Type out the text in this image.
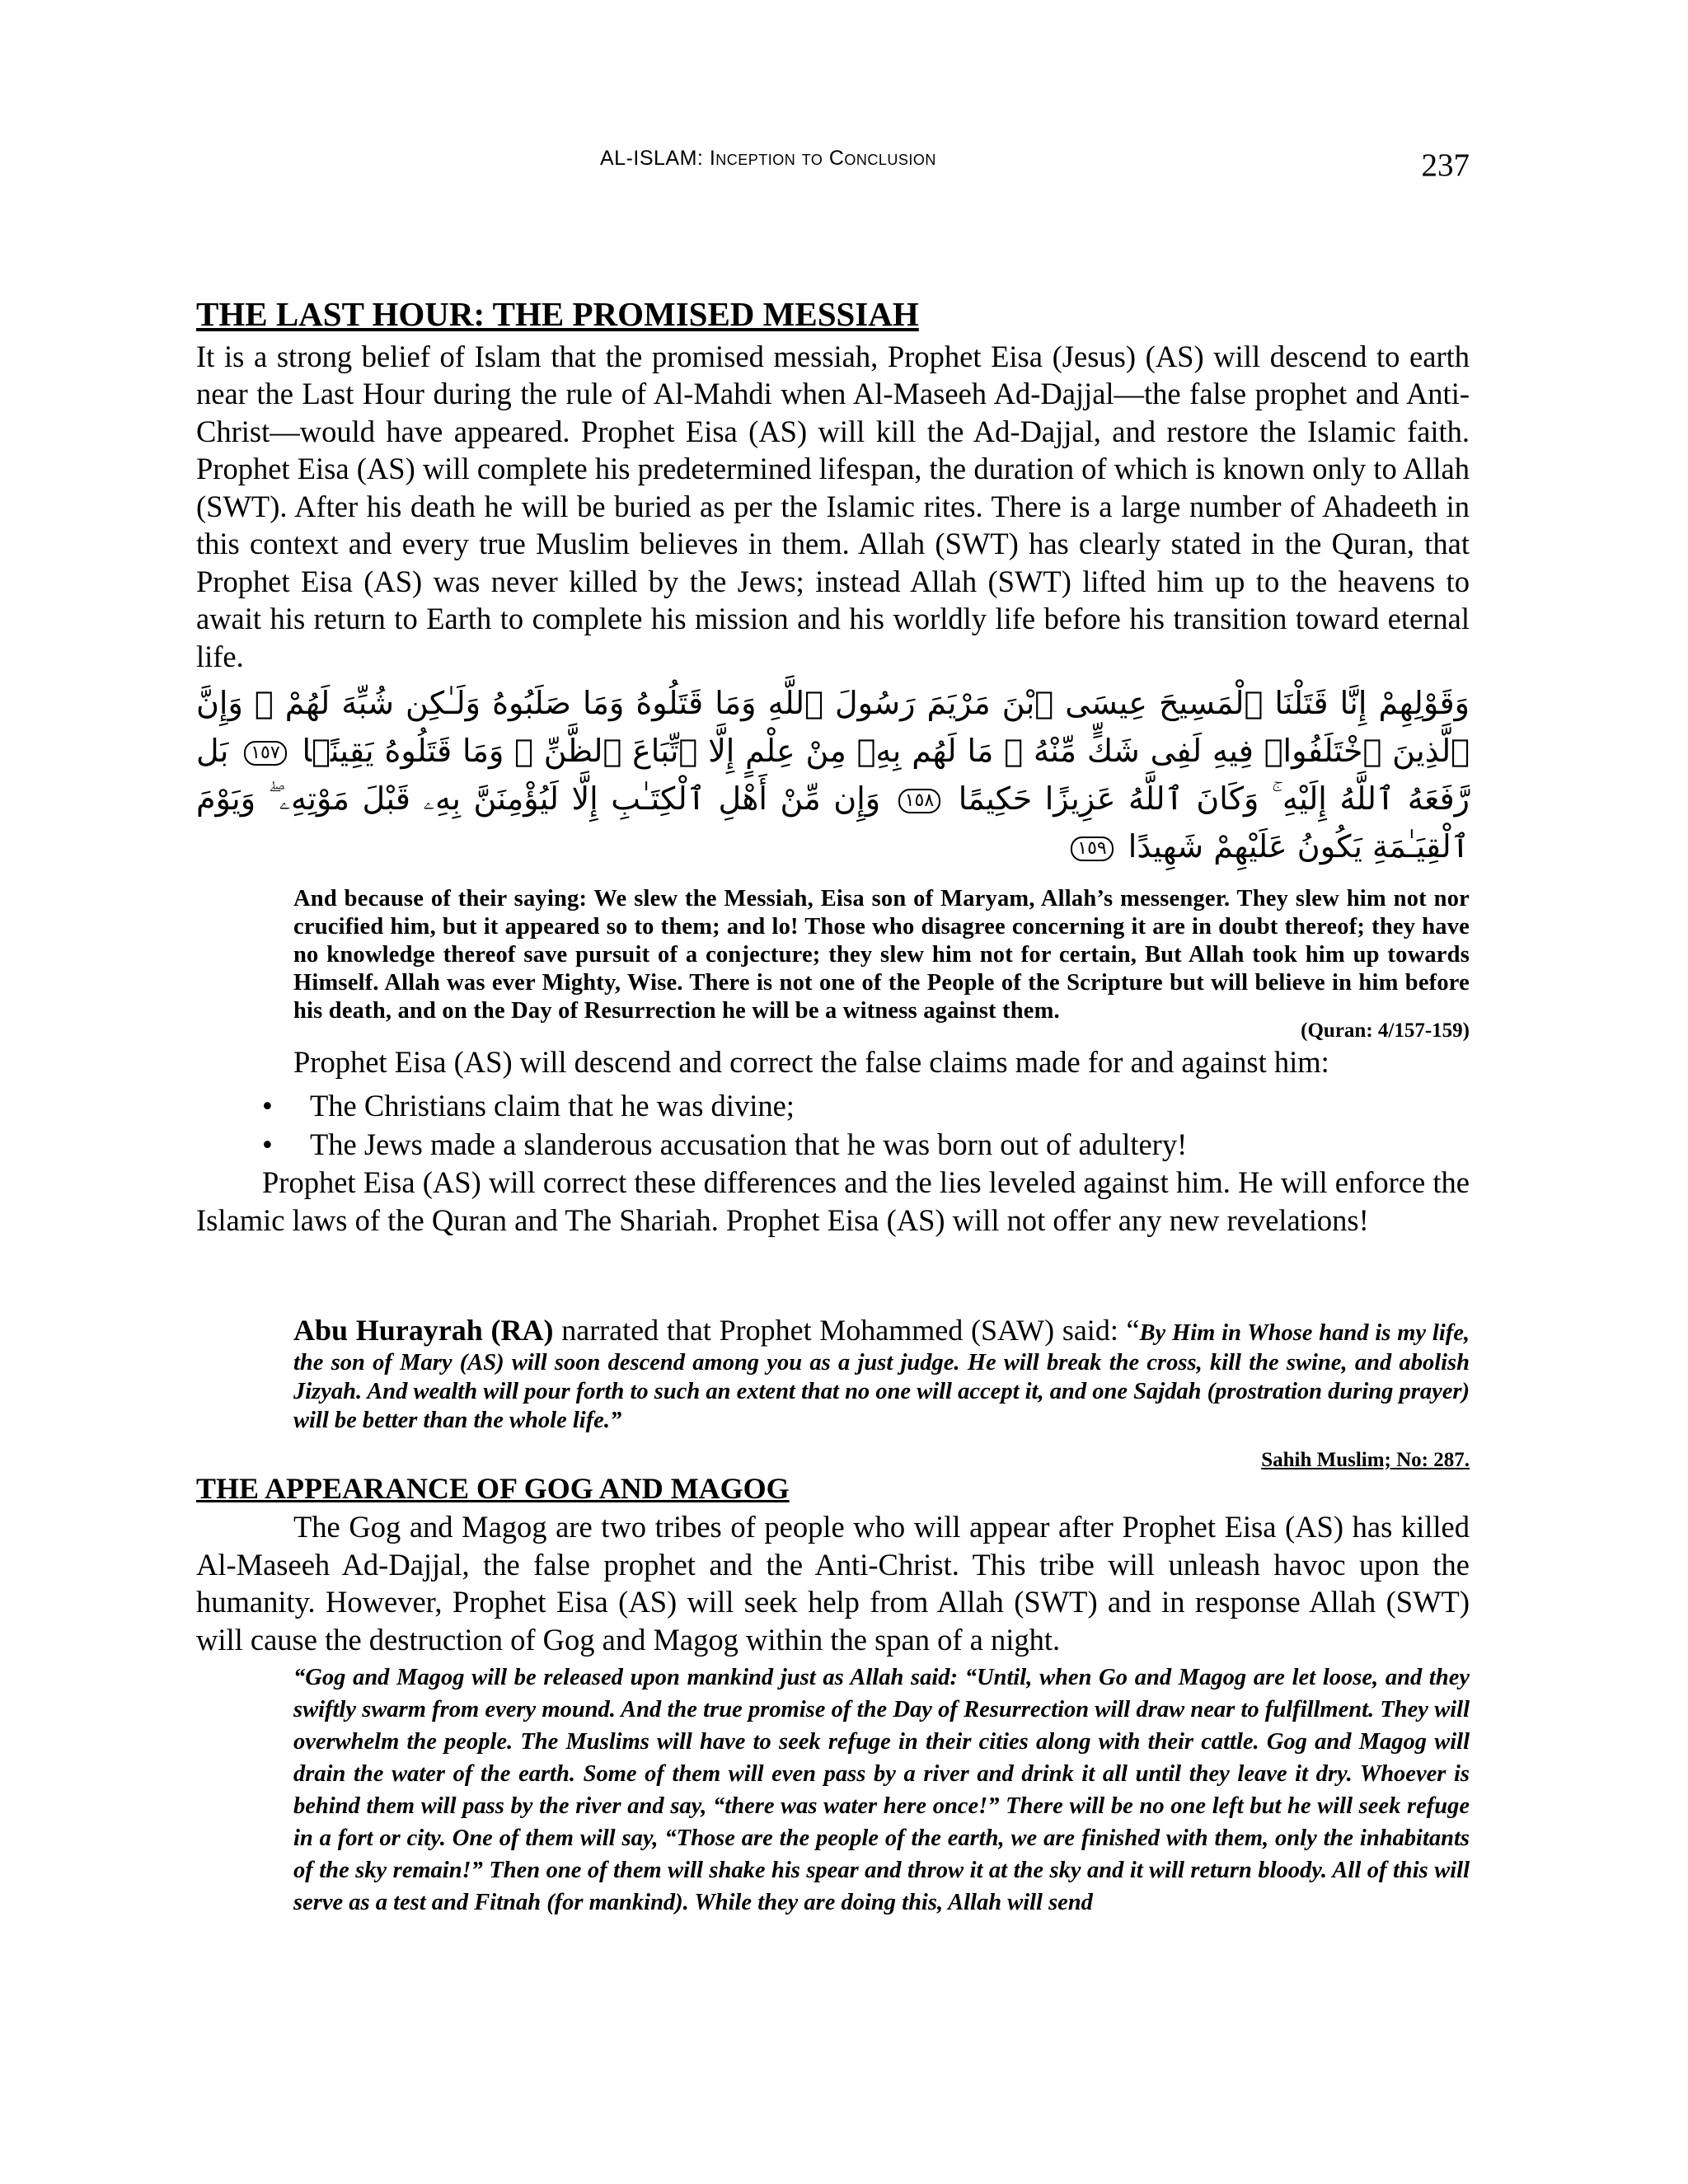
AL-ISLAM: Inception to Conclusion	237
THE LAST HOUR: THE PROMISED MESSIAH

It is a strong belief of Islam that the promised messiah, Prophet Eisa (Jesus) (AS) will descend to earth near the Last Hour during the rule of Al-Mahdi when Al-Maseeh Ad-Dajjal—the false prophet and Anti-Christ—would have appeared. Prophet Eisa (AS) will kill the Ad-Dajjal, and restore the Islamic faith. Prophet Eisa (AS) will complete his predetermined lifespan, the duration of which is known only to Allah (SWT). After his death he will be buried as per the Islamic rites. There is a large number of Ahadeeth in this context and every true Muslim believes in them. Allah (SWT) has clearly stated in the Quran, that Prophet Eisa (AS) was never killed by the Jews; instead Allah (SWT) lifted him up to the heavens to await his return to Earth to complete his mission and his worldly life before his transition toward eternal life.

وَقَوْلِهِمْ إِنَّا قَتَلْنَا ٱلْمَسِيحَ عِيسَى ٱبْنَ مَرْيَمَ رَسُولَ ٱللَّهِ وَمَا قَتَلُوهُ وَمَا صَلَبُوهُ وَلَـٰكِن شُبِّهَ لَهُمْ ۚ وَإِنَّ ٱلَّذِينَ ٱخْتَلَفُوا۟ فِيهِ لَفِى شَكٍّ مِّنْهُ ۚ مَا لَهُم بِهِۦ مِنْ عِلْمٍ إِلَّا ٱتِّبَاعَ ٱلظَّنِّ ۚ وَمَا قَتَلُوهُ يَقِينًۢا ١٥٧ بَل رَّفَعَهُ ٱللَّهُ إِلَيْهِ ۚ وَكَانَ ٱللَّهُ عَزِيزًا حَكِيمًا ١٥٨ وَإِن مِّنْ أَهْلِ ٱلْكِتَـٰبِ إِلَّا لَيُؤْمِنَنَّ بِهِۦ قَبْلَ مَوْتِهِۦ ۖ وَيَوْمَ ٱلْقِيَـٰمَةِ يَكُونُ عَلَيْهِمْ شَهِيدًا ١٥٩
And because of their saying: We slew the Messiah, Eisa son of Maryam, Allah’s messenger. They slew him not nor crucified him, but it appeared so to them; and lo! Those who disagree concerning it are in doubt thereof; they have no knowledge thereof save pursuit of a conjecture; they slew him not for certain, But Allah took him up towards Himself. Allah was ever Mighty, Wise. There is not one of the People of the Scripture but will believe in him before his death, and on the Day of Resurrection he will be a witness against them.
(Quran: 4/157-159)
Prophet Eisa (AS) will descend and correct the false claims made for and against him:
• The Christians claim that he was divine;
• The Jews made a slanderous accusation that he was born out of adultery!
Prophet Eisa (AS) will correct these differences and the lies leveled against him. He will enforce the Islamic laws of the Quran and The Shariah. Prophet Eisa (AS) will not offer any new revelations!
Abu Hurayrah (RA) narrated that Prophet Mohammed (SAW) said: “By Him in Whose hand is my life, the son of Mary (AS) will soon descend among you as a just judge. He will break the cross, kill the swine, and abolish Jizyah. And wealth will pour forth to such an extent that no one will accept it, and one Sajdah (prostration during prayer) will be better than the whole life.”
Sahih Muslim; No: 287.
THE APPEARANCE OF GOG AND MAGOG
The Gog and Magog are two tribes of people who will appear after Prophet Eisa (AS) has killed Al-Maseeh Ad-Dajjal, the false prophet and the Anti-Christ. This tribe will unleash havoc upon the humanity. However, Prophet Eisa (AS) will seek help from Allah (SWT) and in response Allah (SWT) will cause the destruction of Gog and Magog within the span of a night.
“Gog and Magog will be released upon mankind just as Allah said: “Until, when Go and Magog are let loose, and they swiftly swarm from every mound. And the true promise of the Day of Resurrection will draw near to fulfillment. They will overwhelm the people. The Muslims will have to seek refuge in their cities along with their cattle. Gog and Magog will drain the water of the earth. Some of them will even pass by a river and drink it all until they leave it dry. Whoever is behind them will pass by the river and say, “there was water here once!” There will be no one left but he will seek refuge in a fort or city. One of them will say, “Those are the people of the earth, we are finished with them, only the inhabitants of the sky remain!” Then one of them will shake his spear and throw it at the sky and it will return bloody. All of this will serve as a test and Fitnah (for mankind). While they are doing this, Allah will send
